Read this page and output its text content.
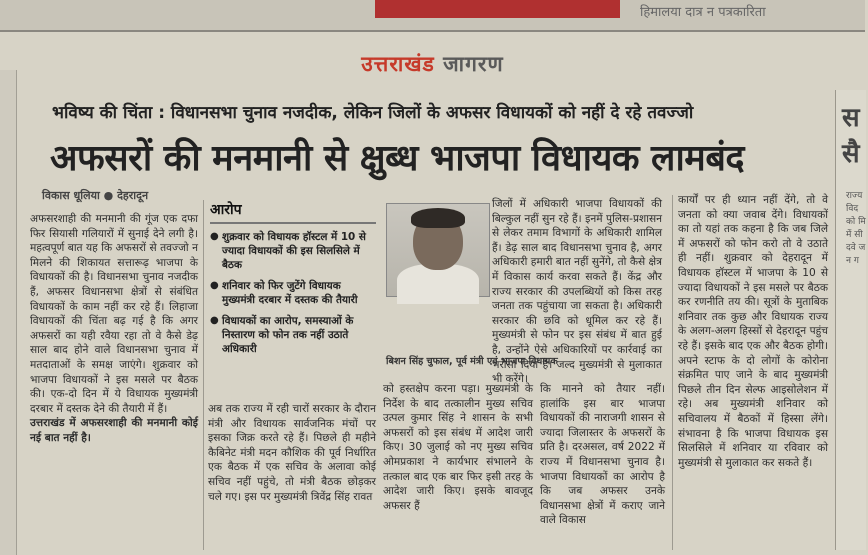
हिमालया दात्र न पत्रकारिता
उत्तराखंड जागरण
भविष्य की चिंता : विधानसभा चुनाव नजदीक, लेकिन जिलों के अफसर विधायकों को नहीं दे रहे तवज्जो
अफसरों की मनमानी से क्षुब्ध भाजपा विधायक लामबंद
विकास धूलिया ● देहरादून

अफसरशाही की मनमानी की गूंज एक दफा फिर सियासी गलियारों में सुनाई देने लगी है। महत्वपूर्ण बात यह कि अफसरों से तवज्जो न मिलने की शिकायत सत्तारूढ़ भाजपा के विधायकों की है। विधानसभा चुनाव नजदीक हैं, अफसर विधानसभा क्षेत्रों से संबंधित विधायकों के काम नहीं कर रहे हैं। लिहाजा विधायकों की चिंता बढ़ गई है कि अगर अफसरों का यही रवैया रहा तो वे कैसे डेढ़ साल बाद होने वाले विधानसभा चुनाव में मतदाताओं के समक्ष जाएंगे। शुक्रवार को भाजपा विधायकों ने इस मसले पर बैठक की। एक-दो दिन में ये विधायक मुख्यमंत्री दरबार में दस्तक देने की तैयारी में हैं।

उत्तराखंड में अफसरशाही की मनमानी कोई नई बात नहीं है।

आरोप
● शुक्रवार को विधायक हॉस्टल में 10 से ज्यादा विधायकों की इस सिलसिले में बैठक
● शनिवार को फिर जुटेंगे विधायक मुख्यमंत्री दरबार में दस्तक की तैयारी
● विधायकों का आरोप, समस्याओं के निस्तारण को फोन तक नहीं उठाते अधिकारी
अब तक राज्य में रही चारों सरकार के दौरान मंत्री और विधायक सार्वजनिक मंचों पर इसका जिक्र करते रहे हैं। पिछले ही महीने कैबिनेट मंत्री मदन कौशिक की पूर्व निर्धारित एक बैठक में एक सचिव के अलावा कोई सचिव नहीं पहुंचे, तो मंत्री बैठक छोड़कर चले गए। इस पर मुख्यमंत्री त्रिवेंद्र सिंह रावत

जिलों में अधिकारी भाजपा विधायकों की बिल्कुल नहीं सुन रहे हैं। इनमें पुलिस-प्रशासन से लेकर तमाम विभागों के अधिकारी शामिल हैं। डेढ़ साल बाद विधानसभा चुनाव है, अगर अधिकारी हमारी बात नहीं सुनेंगे, तो कैसे क्षेत्र में विकास कार्य करवा सकते हैं। केंद्र और राज्य सरकार की उपलब्धियों को किस तरह जनता तक पहुंचाया जा सकता है। अधिकारी सरकार की छवि को धूमिल कर रहे हैं। मुख्यमंत्री से फोन पर इस संबंध में बात हुई है, उन्होंने ऐसे अधिकारियों पर कार्रवाई का भरोसा दिया है। जल्द मुख्यमंत्री से मुलाकात भी करेंगे।

बिशन सिंह चुफाल, पूर्व मंत्री एवं भाजपा विधायक
को हस्तक्षेप करना पड़ा। मुख्यमंत्री के निर्देश के बाद तत्कालीन मुख्य सचिव उत्पल कुमार सिंह ने शासन के सभी अफसरों को इस संबंध में आदेश जारी किए। 30 जुलाई को नए मुख्य सचिव ओमप्रकाश ने कार्यभार संभालने के तत्काल बाद एक बार फिर इसी तरह के आदेश जारी किए। इसके बावजूद अफसर हैं
कि मानने को तैयार नहीं। हालांकि इस बार भाजपा विधायकों की नाराजगी शासन से ज्यादा जिलास्तर के अफसरों के प्रति है। दरअसल, वर्ष 2022 में राज्य में विधानसभा चुनाव है। भाजपा विधायकों का आरोप है कि जब अफसर उनके विधानसभा क्षेत्रों में कराए जाने वाले विकास
कार्यों पर ही ध्यान नहीं देंगे, तो वे जनता को क्या जवाब देंगे। विधायकों का तो यहां तक कहना है कि जब जिले में अफसरों को फोन करो तो वे उठाते ही नहीं। शुक्रवार को देहरादून में विधायक हॉस्टल में भाजपा के 10 से ज्यादा विधायकों ने इस मसले पर बैठक कर रणनीति तय की। सूत्रों के मुताबिक शनिवार तक कुछ और विधायक राज्य के अलग-अलग हिस्सों से देहरादून पहुंच रहे हैं। इसके बाद एक और बैठक होगी। अपने स्टाफ के दो लोगों के कोरोना संक्रमित पाए जाने के बाद मुख्यमंत्री पिछले तीन दिन सेल्फ आइसोलेशन में रहे। अब मुख्यमंत्री शनिवार को सचिवालय में बैठकों में हिस्सा लेंगे। संभावना है कि भाजपा विधायक इस सिलसिले में शनिवार या रविवार को मुख्यमंत्री से मुलाकात कर सकते हैं।
स
सै
राज्य विद को मि में सी दवे ज न ग
